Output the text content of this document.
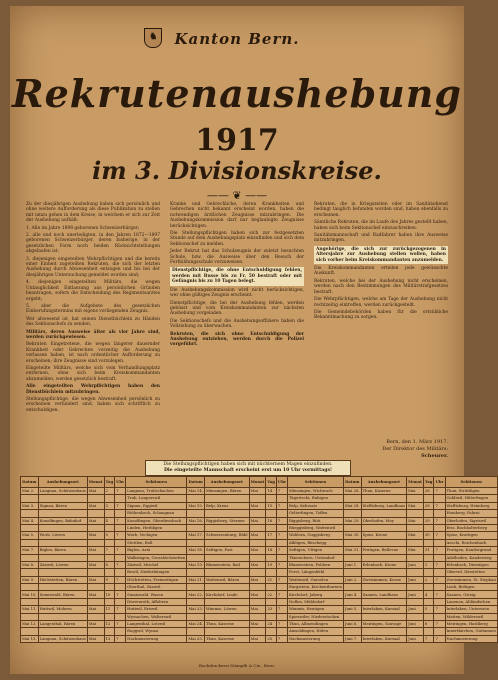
♞ Kanton Bern.
Rekrutenaushebung
1917
im 3. Divisionskreise.
—— ❦ ——

Zu der diesjährigen Aushebung haben sich persönlich und ohne weitere Aufforderung als diese Publikation zu stellen mit umzu gehen in dem Kreise, in welchem er sich zur Zeit der Aushebung aufhält:

1. Alle im Jahre 1898 geborenen Schweizerbürger;

2. alle und noch unerledigten, in den Jahren 1872—1897 geborenen Schweizerbürger, deren bisherige, in der gesetzlichen Form noch beiden Rücksichtstellungen abgelaufen ist;

3. diejenigen eingeteilten Wehrpflichtigen und die bereits einer Einheit zugeteilten Rekruten, die sich der letzten Aushebung durch Abwesenheit entzogen und bis bei der diesjährigen Untersuchung gemeldet worden sind;

4. diejenigen eingeteilten Militärs, die wegen Untauglichkeit Entlassung aus persönlichen Gründen beantragen, sofern die Entscheidung des Regimentsarztes ergeht;

5. aber die Aufgebote des gesetzlichen Einberufungstermins mit eigens vorliegenden Zeugnis.

Wer abwesend ist, hat seinen Dienstbüchlein zu Händen des Sektionschefs zu senden.

Militärs, deren Ausweise älter als vier Jahre sind, werden zurückgewiesen.

Rekruten Eingetretene, die wegen längerer dauernder Krankheit oder Gebrechen vorzeitig die Aushebung verlassen haben, ist nach ordentlicher Aufforderung zu erscheinen; ihre Zeugnisse sind vorzulegen.

Eingeteilte Militärs, welche sich vom Verhandlungsplatz entfernen, ohne sich beim Kreiskommandanten abzumelden, werden gesetzlich bestraft.

Alle eingeteilten Wehrpflichtigen haben den Dienstbüchlein mitzubringen.

Stellungspflichtige, die wegen Abwesenheit persönlich zu erscheinen verhindert sind, haben sich schriftlich zu entschuldigen.

Kranke und Gebrechliche, deren Krankheiten und Gebrechen nicht bekannt erscheint worden, haben die notwendigen ärztlichen Zeugnisse mitzubringen. Die Aushebungskommission darf nur beglaubigte Zeugnisse berücksichtigen.

Die Stellungspflichtigen haben sich zur festgesetzten Stunde auf dem Aushebungsplatz einzufinden und sich dem Sektionschef zu melden.

Jeder Rekrut hat das Schulzeugnis der zuletzt besuchten Schule, bzw. die Ausweise über den Besuch der Fortbildungsschule vorzuweisen.

Dienstpflichtige, die ohne Entschuldigung fehlen, werden mit Busse bis zu Fr. 50 bestraft oder mit Gefängnis bis zu 10 Tagen belegt.

Die Aushebungskommission wird nicht berücksichtigen, wer ohne gültiges Zeugnis erscheint.

Dienstpflichtige, die bei der Aushebung fehlen, werden gebüsst und vom Kreiskommandanten zur nächsten Aushebung vorgeladen.

Die Sektionschefs und die Aushebungsoffiziere haben die Vollziehung zu überwachen.

Rekruten, die sich ohne Entschuldigung der Aushebung entziehen, werden durch die Polizei vorgeführt.

Rekruten, die in Kriegszeiten oder im Sanitätsdienst bedingt tauglich befunden worden sind, haben ebenfalls zu erscheinen.

Sämtliche Rekruten, die im Laufe des Jahres gestellt haben, haben sich beim Sektionschef einzuschreiben.

Sanitätsmannschaft und Radfahrer haben ihre Ausweise mitzubringen.

Angehörige, die sich zur zurückgezogenen in Altersjahre zur Aushebung stellen wollen, haben sich vorher beim Kreiskommandanten anzumelden.

Die Kreiskommandanten erteilen jede gewünschte Auskunft.

Rekruten, welche bei der Aushebung nicht erscheinen, werden nach den Bestimmungen des Militärstrafgesetzes bestraft.

Die Wehrpflichtigen, welche am Tage der Aushebung nicht rechtzeitig eintreffen, werden zurückgestellt.

Die Gemeindebehörden haben für die ortsübliche Bekanntmachung zu sorgen.

Bern, den 1. März 1917.
Der Direktor des Militärs:
Scheurer.
Die Stellungspflichtigen haben sich mit nüchternem Magen einzufinden.
Die eingeteilte Mannschaft erscheint erst um 10 Uhr vormittags!
Datum	Aushebungsort	Monat	Tag	Uhr	Sektionen	Datum	Aushebungsort	Monat	Tag	Uhr	Sektionen	Datum	Aushebungsort	Monat	Tag	Uhr	Sektionen
Mai 2.	Langnau, Schützenhaus	Mai	2	7	Langnau, Trubschachen	Mai 14.	Münsingen, Bären	Mai	14	7	Münsingen, Wichtrach	Mai 26.	Thun, Kaserne	Mai	26	7	Thun, Strättligen
					Trub, Lauperswil						Tägertschi, Rubigen						Goldiwil, Hilterfingen
Mai 3.	Signau, Bären	Mai	3	7	Signau, Eggiwil	Mai 15.	Belp, Kreuz	Mai	15	7	Belp, Kehrsatz	Mai 28.	Steffisburg, Landhaus	Mai	28	7	Steffisburg, Heimberg
					Röthenbach, Schangnau						Gelterfingen, Toffen						Homberg, Fahrni
Mai 4.	Konolfingen, Bahnhof	Mai	4	7	Konolfingen, Oberdiessbach	Mai 16.	Riggisberg, Sternen	Mai	16	7	Riggisberg, Rüti	Mai 29.	Oberhofen, Moy	Mai	29	7	Oberhofen, Sigriswil
					Linden, Herbligen						Rüeggisberg, Wattenwil						Eriz, Buchholterberg
Mai 5.	Worb, Löwen	Mai	5	7	Worb, Vechigen	Mai 17.	Schwarzenburg, Bühl	Mai	17	7	Wahlern, Guggisberg	Mai 30.	Spiez, Krone	Mai	30	7	Spiez, Krattigen
					Stettlen, Boll						Albligen, Rüschegg						Aeschi, Reichenbach
Mai 7.	Biglen, Bären	Mai	7	7	Biglen, Arni	Mai 18.	Seftigen, Post	Mai	18	7	Seftigen, Uttigen	Mai 31.	Frutigen, Bellevue	Mai	31	7	Frutigen, Kandergrund
					Walkringen, Grosshöchstetten						Thierachern, Uetendorf						Adelboden, Kandersteg
Mai 8.	Zäziwil, Löwen	Mai	8	7	Zäziwil, Mirchel	Mai 19.	Blumenstein, Bad	Mai	19	7	Blumenstein, Pohlern	Juni 1.	Erlenbach, Krone	Juni	1	7	Erlenbach, Diemtigen
					Bowil, Niederhünigen						Forst, Längenbühl						Oberwil, Därstetten
Mai 9.	Höchstetten, Bären	Mai	9	7	Höchstetten, Freimettigen	Mai 21.	Wattenwil, Bären	Mai	21	7	Wattenwil, Gurzelen	Juni 2.	Zweisimmen, Krone	Juni	2	7	Zweisimmen, St. Stephan
					Oberthal, Zäziwil						Burgistein, Kirchenthurnen						Lenk, Boltigen
Mai 10.	Sumiswald, Bären	Mai	10	7	Sumiswald, Wasen	Mai 22.	Kirchdorf, Linde	Mai	22	7	Kirchdorf, Jaberg	Juni 4.	Saanen, Landhaus	Juni	4	7	Saanen, Gsteig
					Dürrenroth, Affoltern						Noflen, Mühledorf						Lauenen, Abländschen
Mai 11.	Huttwil, Mohren	Mai	11	7	Huttwil, Eriswil	Mai 23.	Wimmis, Löwen	Mai	23	7	Wimmis, Reutigen	Juni 5.	Interlaken, Kursaal	Juni	5	7	Interlaken, Unterseen
					Wyssachen, Walterswil						Spiezwiler, Niederstocken						Matten, Wilderswil
Mai 12.	Langenthal, Bären	Mai	12	7	Langenthal, Lotzwil	Mai 24.	Thun, Kaserne	Mai	24	7	Thun, Allmendingen	Juni 6.	Meiringen, Sauvage	Juni	6	7	Meiringen, Hasliberg
					Roggwil, Wynau						Amsoldingen, Höfen						Innertkirchen, Guttannen
Mai 13.	Langnau, Schützenhaus	Mai	13	7	Nachmusterung	Mai 25.	Thun, Kaserne	Mai	25	7	Nachmusterung	Juni 7.	Interlaken, Kursaal	Juni	7	7	Nachmusterung
Buchdruckerei Stämpfli & Cie., Bern.
